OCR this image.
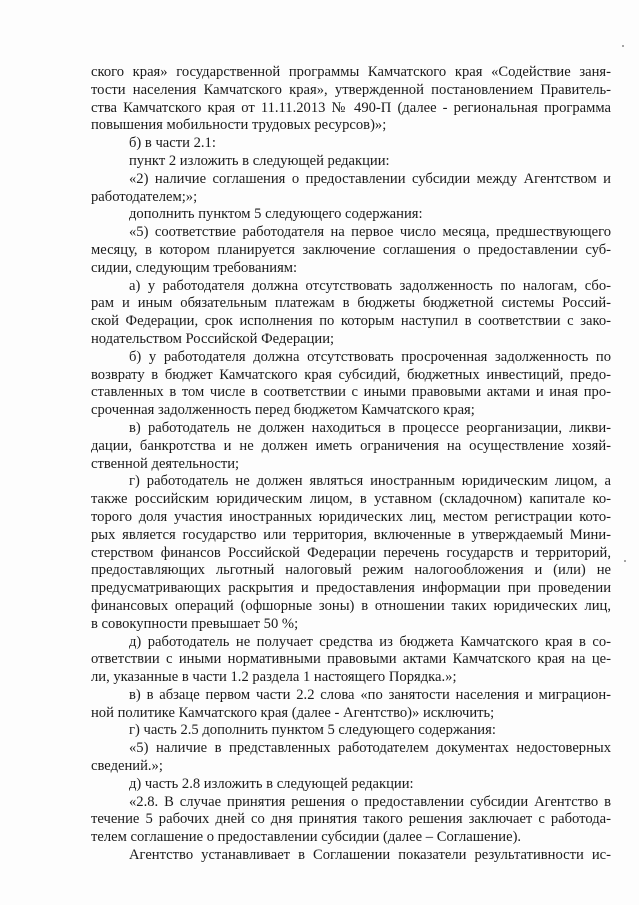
ского края» государственной программы Камчатского края «Содействие заня-
тости населения Камчатского края», утвержденной постановлением Правитель-
ства Камчатского края от 11.11.2013 № 490-П (далее - региональная программа
повышения мобильности трудовых ресурсов)»;
б) в части 2.1:
пункт 2 изложить в следующей редакции:
«2) наличие соглашения о предоставлении субсидии между Агентством и
работодателем;»;
дополнить пунктом 5 следующего содержания:
«5) соответствие работодателя на первое число месяца, предшествующего
месяцу, в котором планируется заключение соглашения о предоставлении суб-
сидии, следующим требованиям:
а) у работодателя должна отсутствовать задолженность по налогам, сбо-
рам и иным обязательным платежам в бюджеты бюджетной системы Россий-
ской Федерации, срок исполнения по которым наступил в соответствии с зако-
нодательством Российской Федерации;
б) у работодателя должна отсутствовать просроченная задолженность по
возврату в бюджет Камчатского края субсидий, бюджетных инвестиций, предо-
ставленных в том числе в соответствии с иными правовыми актами и иная про-
сроченная задолженность перед бюджетом Камчатского края;
в) работодатель не должен находиться в процессе реорганизации, ликви-
дации, банкротства и не должен иметь ограничения на осуществление хозяй-
ственной деятельности;
г) работодатель не должен являться иностранным юридическим лицом, а
также российским юридическим лицом, в уставном (складочном) капитале ко-
торого доля участия иностранных юридических лиц, местом регистрации кото-
рых является государство или территория, включенные в утверждаемый Мини-
стерством финансов Российской Федерации перечень государств и территорий,
предоставляющих льготный налоговый режим налогообложения и (или) не
предусматривающих раскрытия и предоставления информации при проведении
финансовых операций (офшорные зоны) в отношении таких юридических лиц,
в совокупности превышает 50 %;
д) работодатель не получает средства из бюджета Камчатского края в со-
ответствии с иными нормативными правовыми актами Камчатского края на це-
ли, указанные в части 1.2 раздела 1 настоящего Порядка.»;
в) в абзаце первом части 2.2 слова «по занятости населения и миграцион-
ной политике Камчатского края (далее - Агентство)» исключить;
г) часть 2.5 дополнить пунктом 5 следующего содержания:
«5) наличие в представленных работодателем документах недостоверных
сведений.»;
д) часть 2.8 изложить в следующей редакции:
«2.8. В случае принятия решения о предоставлении субсидии Агентство в
течение 5 рабочих дней со дня принятия такого решения заключает с работода-
телем соглашение о предоставлении субсидии (далее – Соглашение).
Агентство устанавливает в Соглашении показатели результативности ис-
